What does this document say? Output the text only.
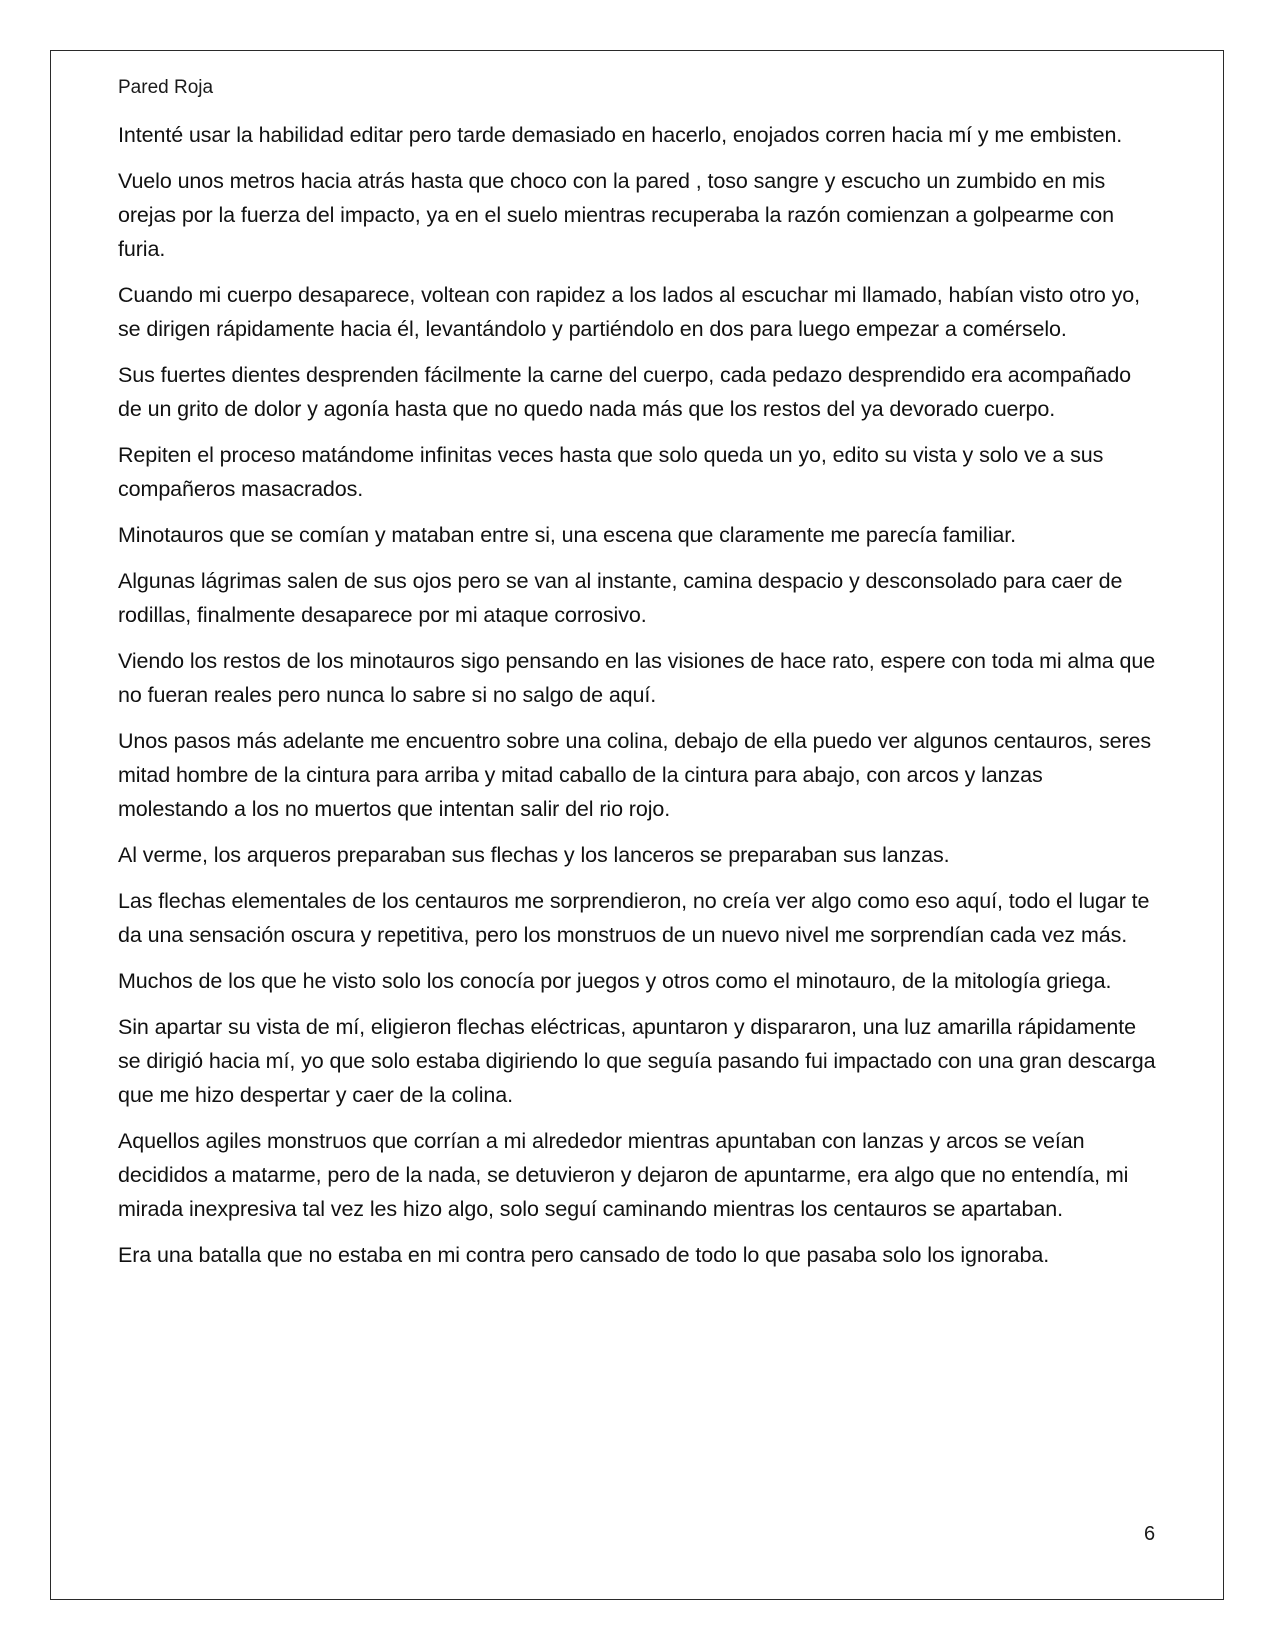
Pared Roja

Intenté usar la habilidad editar pero tarde demasiado en hacerlo, enojados corren hacia mí y me embisten.

Vuelo unos metros hacia atrás hasta que choco con la pared , toso sangre y escucho un zumbido en mis orejas por la fuerza del impacto, ya en el suelo mientras recuperaba la razón comienzan a golpearme con furia.

Cuando mi cuerpo desaparece, voltean con rapidez a los lados al escuchar mi llamado, habían visto otro yo, se dirigen rápidamente hacia él, levantándolo y partiéndolo en dos para luego empezar a comérselo.

Sus fuertes dientes desprenden fácilmente la carne del cuerpo, cada pedazo desprendido era acompañado de un grito de dolor y agonía hasta que no quedo nada más que los restos del ya devorado cuerpo.

Repiten el proceso matándome infinitas veces hasta que solo queda un yo, edito su vista y solo ve a sus compañeros masacrados.

Minotauros que se comían y mataban entre si, una escena que claramente me parecía familiar.

Algunas lágrimas salen de sus ojos pero se van al instante, camina despacio y desconsolado para caer de rodillas, finalmente desaparece por mi ataque corrosivo.

Viendo los restos de los minotauros sigo pensando en las visiones de hace rato, espere con toda mi alma que no fueran reales pero nunca lo sabre si no salgo de aquí.

Unos pasos más adelante me encuentro sobre una colina, debajo de ella puedo ver algunos centauros, seres mitad hombre de la cintura para arriba y mitad caballo de la cintura para abajo, con arcos y lanzas molestando a los no muertos que intentan salir del rio rojo.

Al verme, los arqueros preparaban sus flechas y los lanceros se preparaban sus lanzas.

Las flechas elementales de los centauros me sorprendieron, no creía ver algo como eso aquí, todo el lugar te da una sensación oscura y repetitiva, pero los monstruos de un nuevo nivel me sorprendían cada vez más.

Muchos de los que he visto solo los conocía por juegos y otros como el minotauro, de la mitología griega.

Sin apartar su vista de mí, eligieron flechas eléctricas, apuntaron y dispararon, una luz amarilla rápidamente se dirigió hacia mí, yo que solo estaba digiriendo lo que seguía pasando fui impactado con una gran descarga que me hizo despertar y caer de la colina.

Aquellos agiles monstruos que corrían a mi alrededor mientras apuntaban con lanzas y arcos se veían decididos a matarme, pero de la nada, se detuvieron y dejaron de apuntarme, era algo que no entendía, mi mirada inexpresiva tal vez les hizo algo, solo seguí caminando mientras los centauros se apartaban.

Era una batalla que no estaba en mi contra pero cansado de todo lo que pasaba solo los ignoraba.

6
